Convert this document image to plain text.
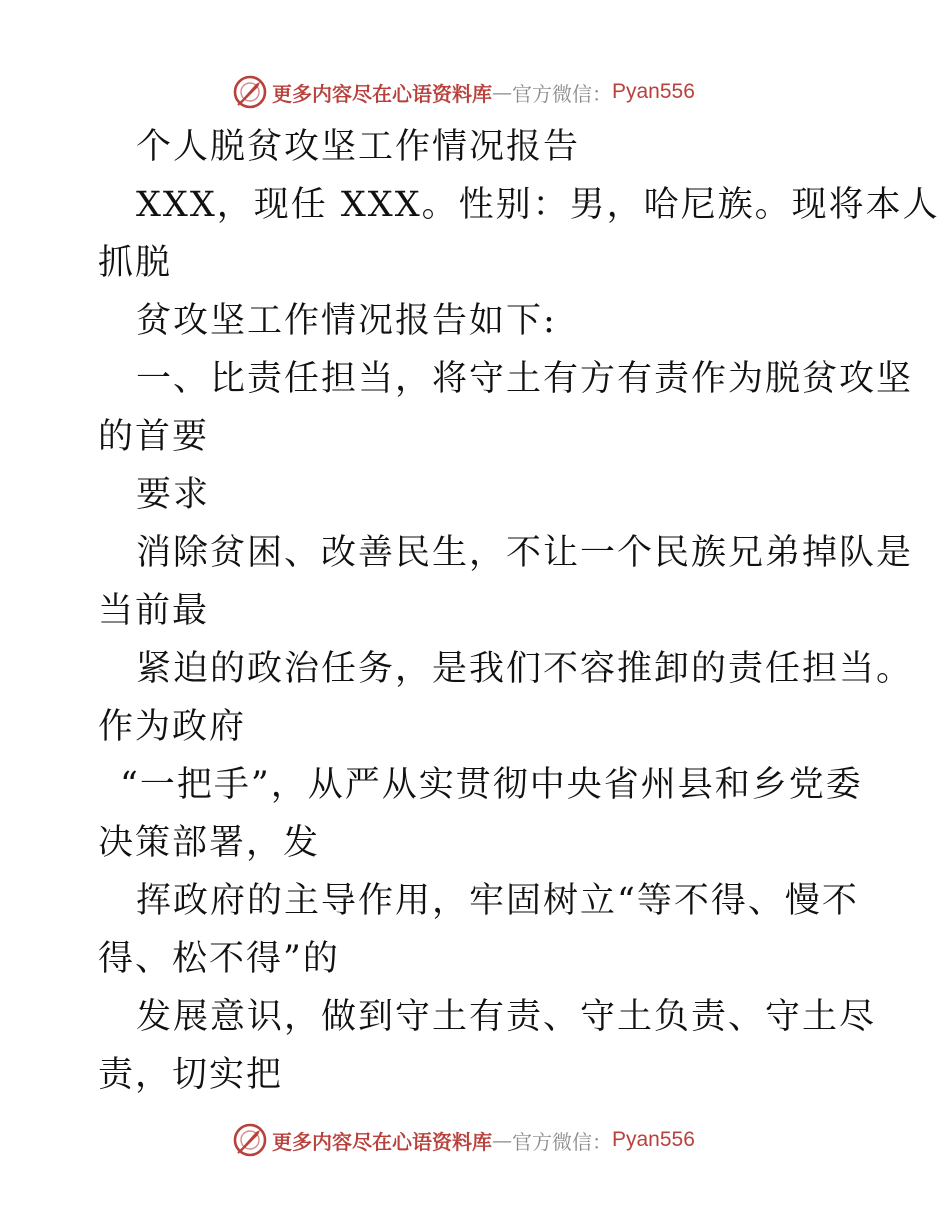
更多内容尽在心语资料库 — 官方微信： Pyan556
个人脱贫攻坚工作情况报告
XXX，现任 XXX。性别：男，哈尼族。现将本人
抓脱
贫攻坚工作情况报告如下:
一、比责任担当，将守土有方有责作为脱贫攻坚
的首要
要求
消除贫困、改善民生，不让一个民族兄弟掉队是
当前最
紧迫的政治任务，是我们不容推卸的责任担当。
作为政府
“一把手”，从严从实贯彻中央省州县和乡党委
决策部署，发
挥政府的主导作用，牢固树立“等不得、慢不
得、松不得”的
发展意识，做到守土有责、守土负责、守土尽
责，切实把
更多内容尽在心语资料库 — 官方微信： Pyan556
